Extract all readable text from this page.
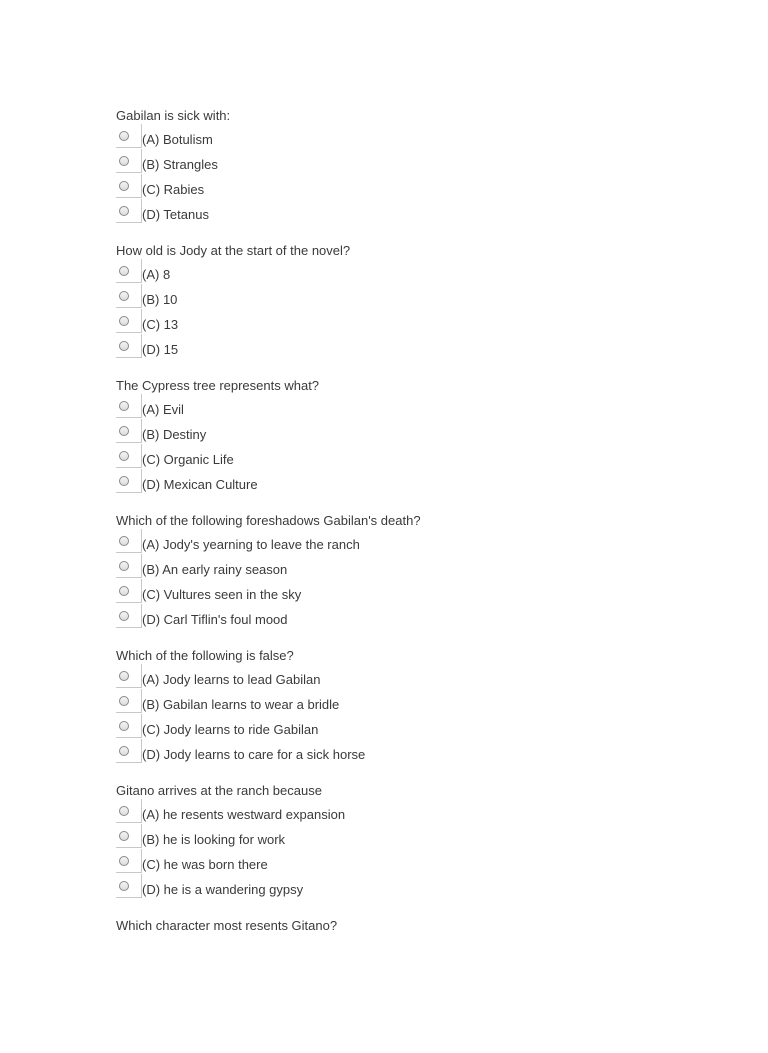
Gabilan is sick with:

(A) Botulism
(B) Strangles
(C) Rabies
(D) Tetanus

How old is Jody at the start of the novel?

(A) 8
(B) 10
(C) 13
(D) 15

The Cypress tree represents what?

(A) Evil
(B) Destiny
(C) Organic Life
(D) Mexican Culture

Which of the following foreshadows Gabilan's death?

(A) Jody's yearning to leave the ranch
(B) An early rainy season
(C) Vultures seen in the sky
(D) Carl Tiflin's foul mood

Which of the following is false?

(A) Jody learns to lead Gabilan
(B) Gabilan learns to wear a bridle
(C) Jody learns to ride Gabilan
(D) Jody learns to care for a sick horse

Gitano arrives at the ranch because

(A) he resents westward expansion
(B) he is looking for work
(C) he was born there
(D) he is a wandering gypsy

Which character most resents Gitano?
